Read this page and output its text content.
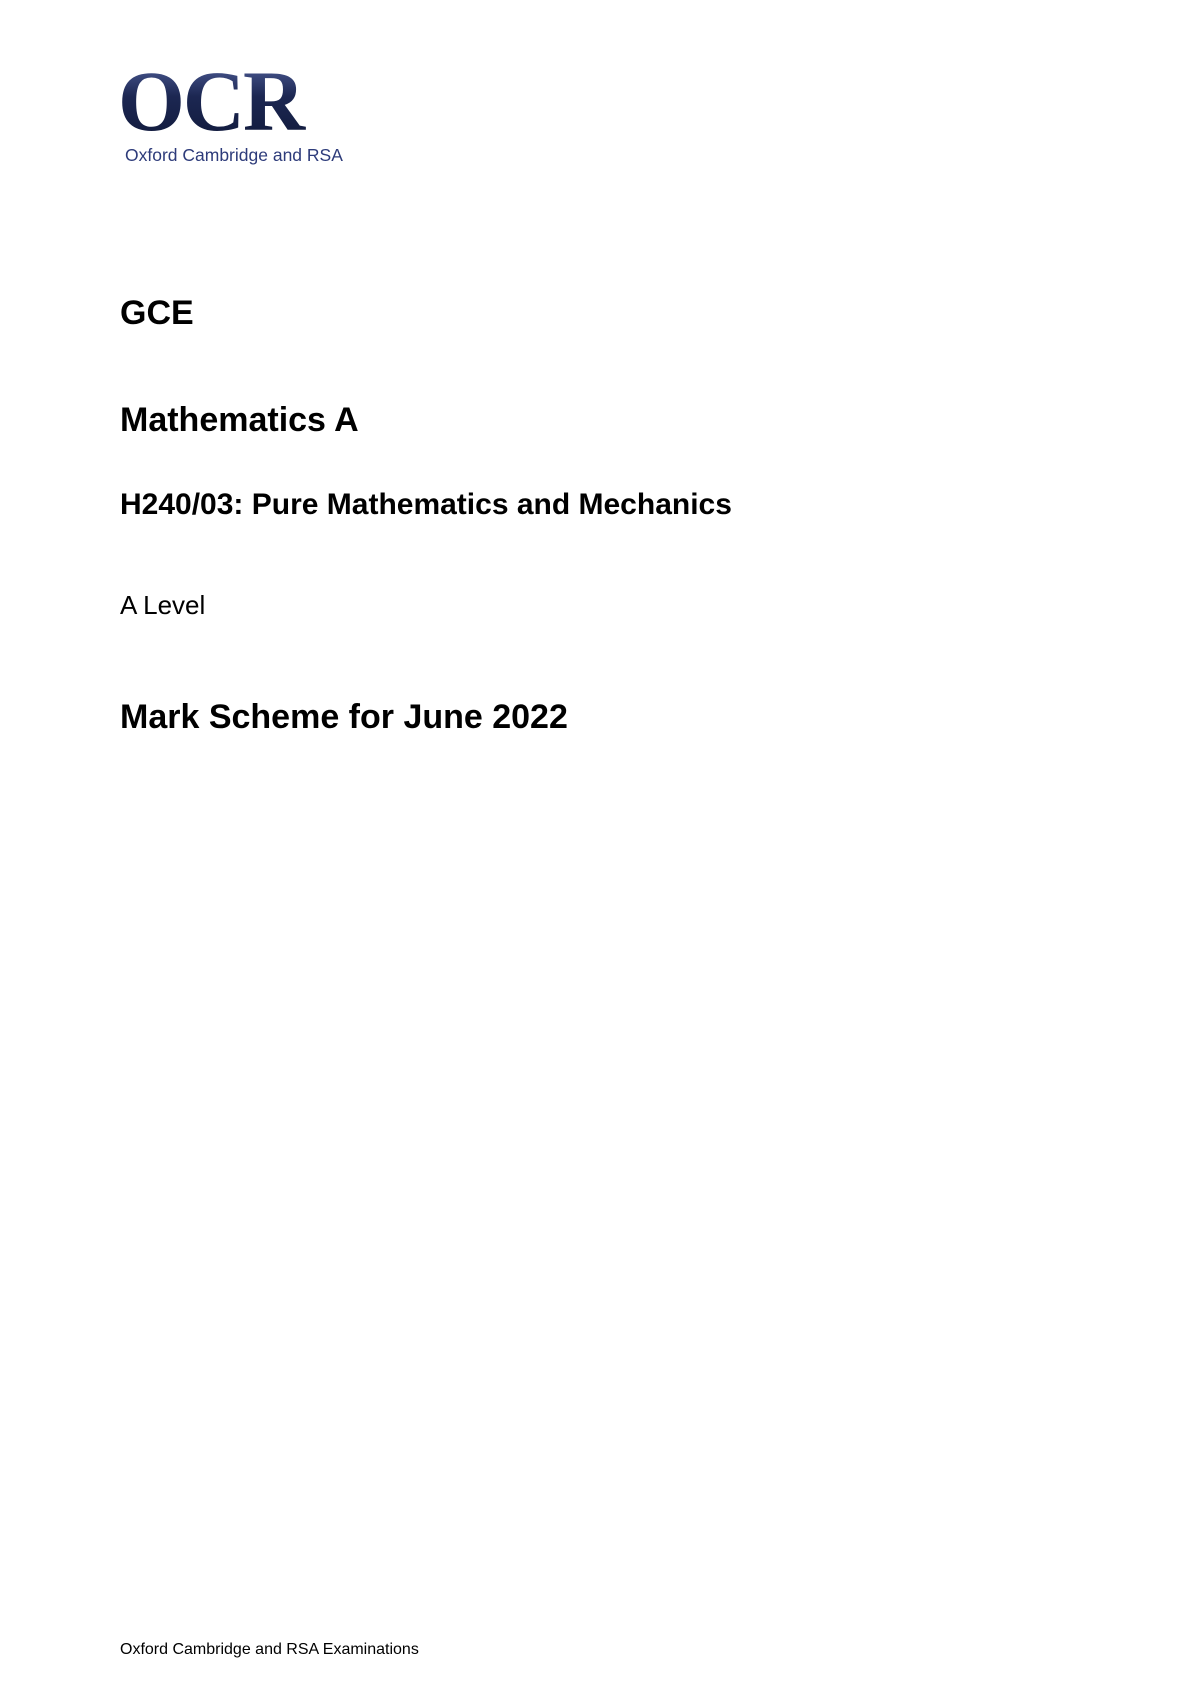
OCR
Oxford Cambridge and RSA
GCE
Mathematics A
H240/03: Pure Mathematics and Mechanics

A Level

Mark Scheme for June 2022

Oxford Cambridge and RSA Examinations
